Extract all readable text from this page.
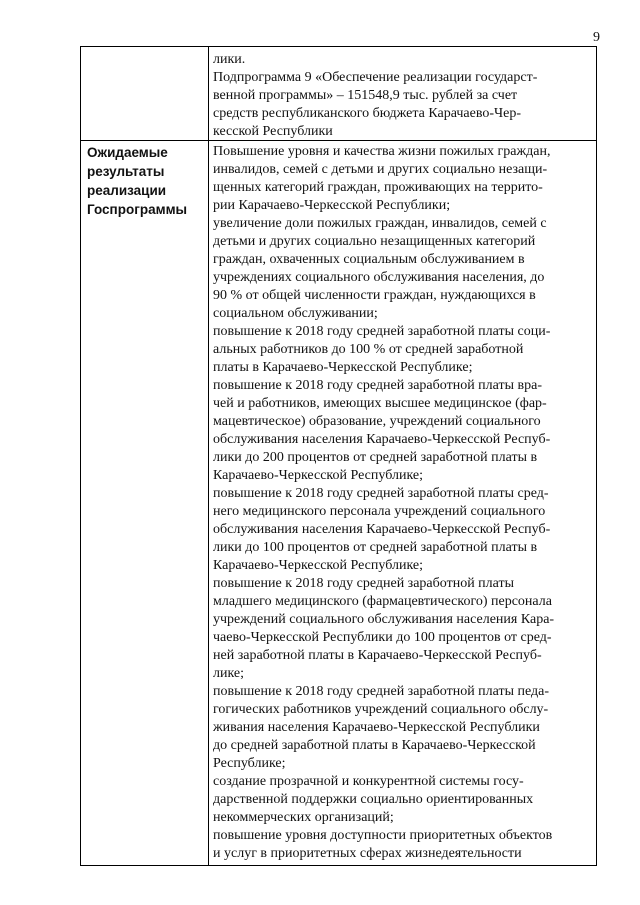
9
лики.
Подпрограмма 9 «Обеспечение реализации государст-
венной программы» – 151548,9 тыс. рублей за счет
средств республиканского бюджета Карачаево-Чер-
кесской Республики
Ожидаемые
результаты
реализации
Госпрограммы
Повышение уровня и качества жизни пожилых граждан,
инвалидов, семей с детьми и других социально незащи-
щенных категорий граждан, проживающих на террито-
рии Карачаево-Черкесской Республики;
увеличение доли пожилых граждан, инвалидов, семей с
детьми и других социально незащищенных категорий
граждан, охваченных социальным обслуживанием в
учреждениях социального обслуживания населения, до
90 % от общей численности граждан, нуждающихся в
социальном обслуживании;
повышение к 2018 году средней заработной платы соци-
альных работников до 100 % от средней заработной
платы в Карачаево-Черкесской Республике;
повышение к 2018 году средней заработной платы вра-
чей и работников, имеющих высшее медицинское (фар-
мацевтическое) образование, учреждений социального
обслуживания населения Карачаево-Черкесской Респуб-
лики до 200 процентов от средней заработной платы в
Карачаево-Черкесской Республике;
повышение к 2018 году средней заработной платы сред-
него медицинского персонала учреждений социального
обслуживания населения Карачаево-Черкесской Респуб-
лики до 100 процентов от средней заработной платы в
Карачаево-Черкесской Республике;
повышение к 2018 году средней заработной платы
младшего медицинского (фармацевтического) персонала
учреждений социального обслуживания населения Кара-
чаево-Черкесской Республики до 100 процентов от сред-
ней заработной платы в Карачаево-Черкесской Респуб-
лике;
повышение к 2018 году средней заработной платы педа-
гогических работников учреждений социального обслу-
живания населения Карачаево-Черкесской Республики
до средней заработной платы в Карачаево-Черкесской
Республике;
создание прозрачной и конкурентной системы госу-
дарственной поддержки социально ориентированных
некоммерческих организаций;
повышение уровня доступности приоритетных объектов
и услуг в приоритетных сферах жизнедеятельности
